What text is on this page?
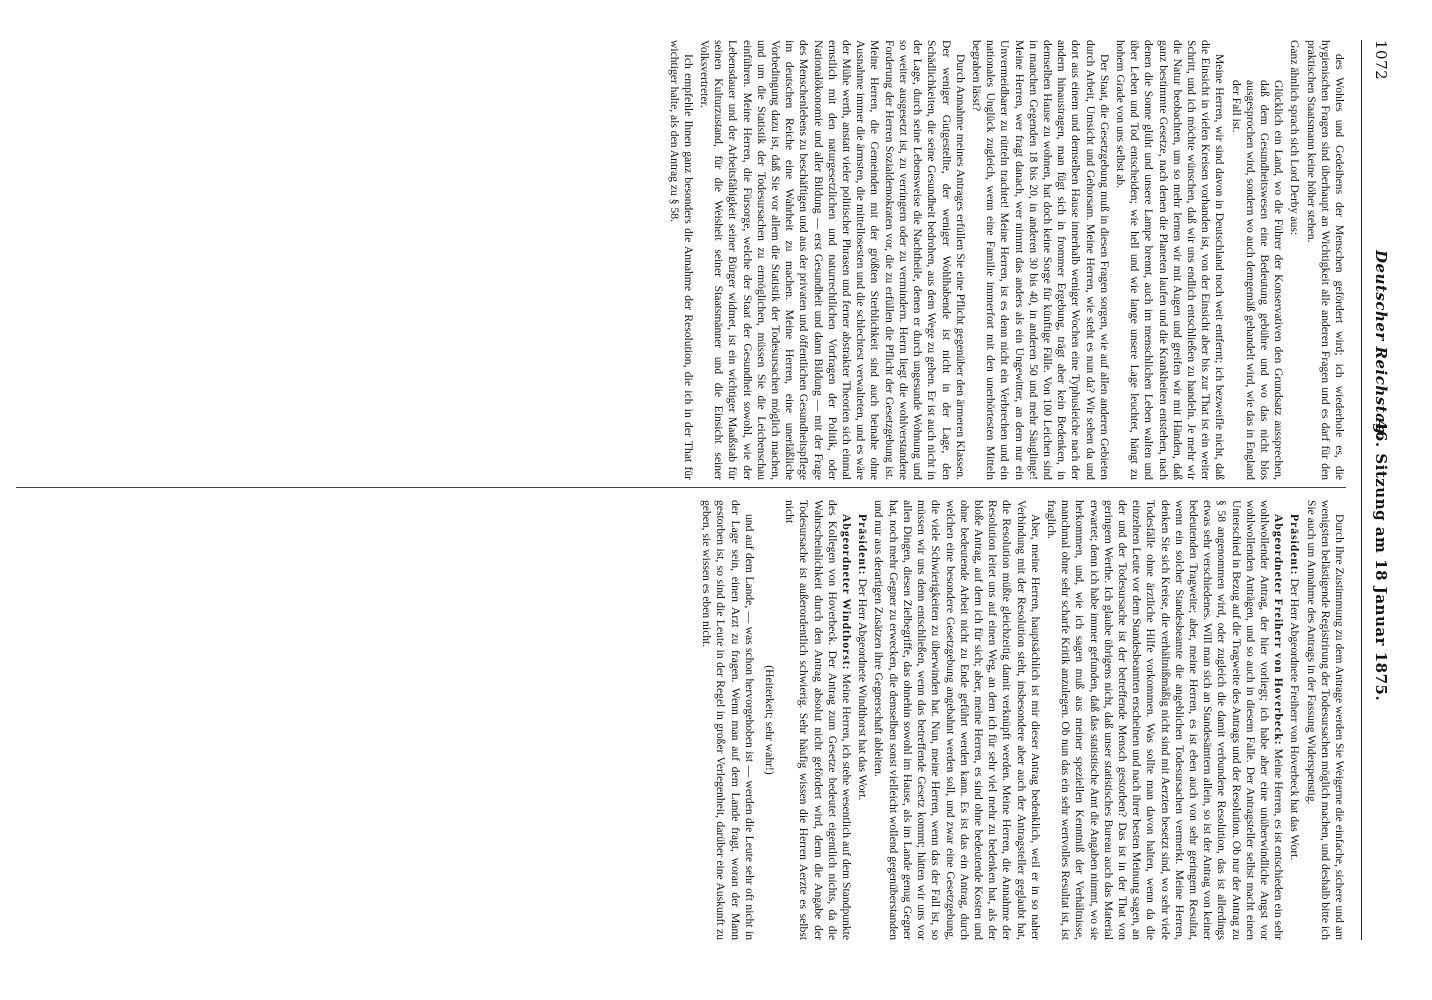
1072
Deutscher Reichstag.
46. Sitzung am 18 Januar 1875.

des Wohles und Gedeihens der Menschen gefördert wird; ich wiederhole es, die hygienischen Fragen sind überhaupt an Wichtigkeit alle anderen Fragen und es darf für den praktischen Staatsmann keine höher stehen.

Ganz ähnlich sprach sich Lord Derby aus:

Glücklich ein Land, wo die Führer der Konservativen den Grundsatz aussprechen, daß dem Gesundheitswesen eine Bedeutung gebühre und wo das nicht blos ausgesprochen wird, sondern wo auch demgemäß gehandelt wird, wie das in England der Fall ist.

Meine Herren, wir sind davon in Deutschland noch weit entfernt; ich bezweifle nicht, daß die Einsicht in vielen Kreisen vorhanden ist, von der Einsicht aber bis zur That ist ein weiter Schritt, und ich möchte wünschen, daß wir uns endlich entschließen zu handeln. Je mehr wir die Natur beobachten, um so mehr lernen wir mit Augen und greifen wir mit Händen, daß ganz bestimmte Gesetze, nach denen die Planeten laufen und die Krankheiten entstehen, nach denen die Sonne glüht und unsere Lampe brennt, auch im menschlichen Leben walten und über Leben und Tod entscheiden; wie hell und wie lange unsere Lage leuchtet, hängt zu hohem Grade von uns selbst ab.

Der Staat, die Gesetzgebung muß in diesen Fragen sorgen, wie auf allen anderen Gebieten durch Arbeit, Umsicht und Gehorsam. Meine Herren, wie steht es nun da? Wir sehen da und dort aus einem und demselben Hause innerhalb weniger Wochen eine Typhusleiche nach der andern hinaustragen, man fügt sich in frommer Ergebung, trägt aber kein Bedenken, in demselben Hause zu wohnen, hat doch keine Sorge für künftige Fälle. Von 100 Leichen sind in manchen Gegenden 18 bis 20, in anderen 30 bis 40, in anderen 50 und mehr Säuglinge! Meine Herren, wer fragt danach, wer nimmt das anders als ein Ungewitter, an dem nur ein Unvermeidbarer zu rütteln trachtet! Meine Herren, ist es denn nicht ein Verbrechen und ein nationales Unglück zugleich, wenn eine Familie immerfort mit den unerhörtesten Mitteln begraben lässt?

Durch Annahme meines Antrages erfüllen Sie eine Pflicht gegenüber den ärmeren Klassen. Der weniger Gutgestellte, der weniger Wohlhabende ist nicht in der Lage, den Schädlichkeiten, die seine Gesundheit bedrohen, aus dem Wege zu gehen. Er ist auch nicht in der Lage, durch seine Lebensweise die Nachtheile, denen er durch ungesunde Wohnung und so weiter ausgesetzt ist, zu verringern oder zu vermindern. Herrn liegt die wohlverstandene Forderung der Herren Sozialdemokraten vor, die zu erfüllen die Pflicht der Gesetzgebung ist. Meine Herren, die Gemeinden mit der größten Sterblichkeit sind auch beinahe ohne Ausnahme immer die ärmsten, die mittellosesten und die schlechtest verwalteten, und es wäre der Mühe werth, anstatt vieler politischer Phrasen und ferner abstrakter Theorien sich einmal ernstlich mit den naturgesetzlichen und naturrechtlichen Vorfragen der Politik, oder Nationalökonomie und aller Bildung — erst Gesundheit und dann Bildung — mit der Frage des Menschenlebens zu beschäftigen und aus der privaten und öffentlichen Gesundheitspflege im deutschen Reiche eine Wahrheit zu machen. Meine Herren, eine unerläßliche Vorbedingung dazu ist, daß Sie vor allem die Statistik der Todesursachen möglich machen, und um die Statistik der Todesursachen zu ermöglichen, müssen Sie die Leichenschau einführen. Meine Herren, die Fürsorge, welche der Staat der Gesundheit sowohl, wie der Lebensdauer und der Arbeitsfähigkeit seiner Bürger widmet, ist ein wichtiger Maaßstab für seinen Kulturzustand, für die Weisheit seiner Staatsmänner und die Einsicht seiner Volksvertreter.

Ich empfehle Ihnen ganz besonders die Annahme der Resolution, die ich in der That für wichtiger halte, als den Antrag zu § 58.

Durch Ihre Zustimmung zu dem Antrage werden Sie Weigerne die einfache, sichere und am wenigsten belästigende Registrirung der Todesursachen möglich machen, und deshalb bitte ich Sie auch um Annahme des Antrags in der Fassung Widerspenstig.

Präsident: Der Herr Abgeordnete Freiherr von Hoverbeck hat das Wort.

Abgeordneter Freiherr von Hoverbeck: Meine Herren, es ist entschieden ein sehr wohlwollender Antrag, der hier vorliegt; ich habe aber eine unüberwindliche Angst vor wohlwollenden Anträgen, und so auch in diesem Falle. Der Antragsteller selbst macht einen Unterschied in Bezug auf die Tragweite des Antrags und der Resolution. Ob nur der Antrag zu § 58 angenommen wird, oder zugleich die damit verbundene Resolution, das ist allerdings etwas sehr verschiedenes. Will man sich an Standesämtern allein, so ist der Antrag von keiner bedeutenden Tragweite; aber, meine Herren, es ist eben auch von sehr geringem Resultat, wenn ein solcher Standesbeamte die angeblichen Todesursachen vermerkt. Meine Herren, denken Sie sich Kreise, die verhältnißmäßig nicht sind mit Aerzten besetzt sind, wo sehr viele Todesfälle ohne ärztliche Hilfe vorkommen. Was sollte man davon halten, wenn da die einzelnen Leute vor dem Standesbeamten erscheinen und nach ihrer besten Meinung sagen, an der und der Todesursache ist der betreffende Mensch gestorben? Das ist in der That von geringem Werthe. Ich glaube übrigens nicht, daß unser statistisches Bureau auch das Material erwartet; denn ich habe immer gefunden, daß das statistische Amt die Angaben nimmt, wo sie herkommen, und, wie ich sagen muß aus meiner speziellen Kenntniß der Verhältnisse, manchmal ohne sehr scharfe Kritik anzulegen. Ob nun das ein sehr wertvolles Resultat ist, ist fraglich.

Aber, meine Herren, hauptsächlich ist mir dieser Antrag bedenklich, weil er in so naher Verbindung mit der Resolution steht, insbesondere aber auch der Antragsteller geglaubt hat, die Resolution müßte gleichzeitig damit verknüpft werden. Meine Herren, die Annahme der Resolution leitet uns auf einen Weg, an dem ich für sehr viel mehr zu bedenken hat, als der bloße Antrag, auf dem ich für sich; aber, meine Herren, es sind ohne bedeutende Kosten und ohne bedeutende Arbeit nicht zu Ende geführt werden kann. Es ist das ein Antrag, durch welchen eine besondere Gesetzgebung angebahnt werden soll, und zwar eine Gesetzgebung, die viele Schwierigkeiten zu überwinden hat. Nun, meine Herren, wenn das der Fall ist, so müssen wir uns denn entschließen, wenn das betreffende Gesetz kommt; hätten wir uns vor allen Dingen, diesen Zielbegriffe, das ohnehin sowohl im Hause, als im Lande genug Gegner hat, noch mehr Gegner zu erwecken, die demselben sonst vielleicht wollend gegenüberstanden und nur aus derartigen Zusätzen ihre Gegnerschaft ableiten.

Präsident: Der Herr Abgeordnete Windthorst hat das Wort.

Abgeordneter Windthorst: Meine Herren, ich stehe wesentlich auf dem Standpunkte des Kollegen von Hoverbeck. Der Antrag zum Gesetze bedeutet eigentlich nichts, da die Wahrscheinlichkeit durch den Antrag absolut nicht gefördert wird, denn die Angabe der Todesursache ist außerordentlich schwierig. Sehr häufig wissen die Herren Aerzte es selbst nicht

(Heiterkeit; sehr wahr!)

und auf dem Lande, — was schon hervorgehoben ist — werden die Leute sehr oft nicht in der Lage sein, einen Arzt zu fragen. Wenn man auf dem Lande fragt, woran der Mann gestorben ist, so sind die Leute in der Regel in großer Verlegenheit, darüber eine Auskunft zu geben, sie wissen es eben nicht.
